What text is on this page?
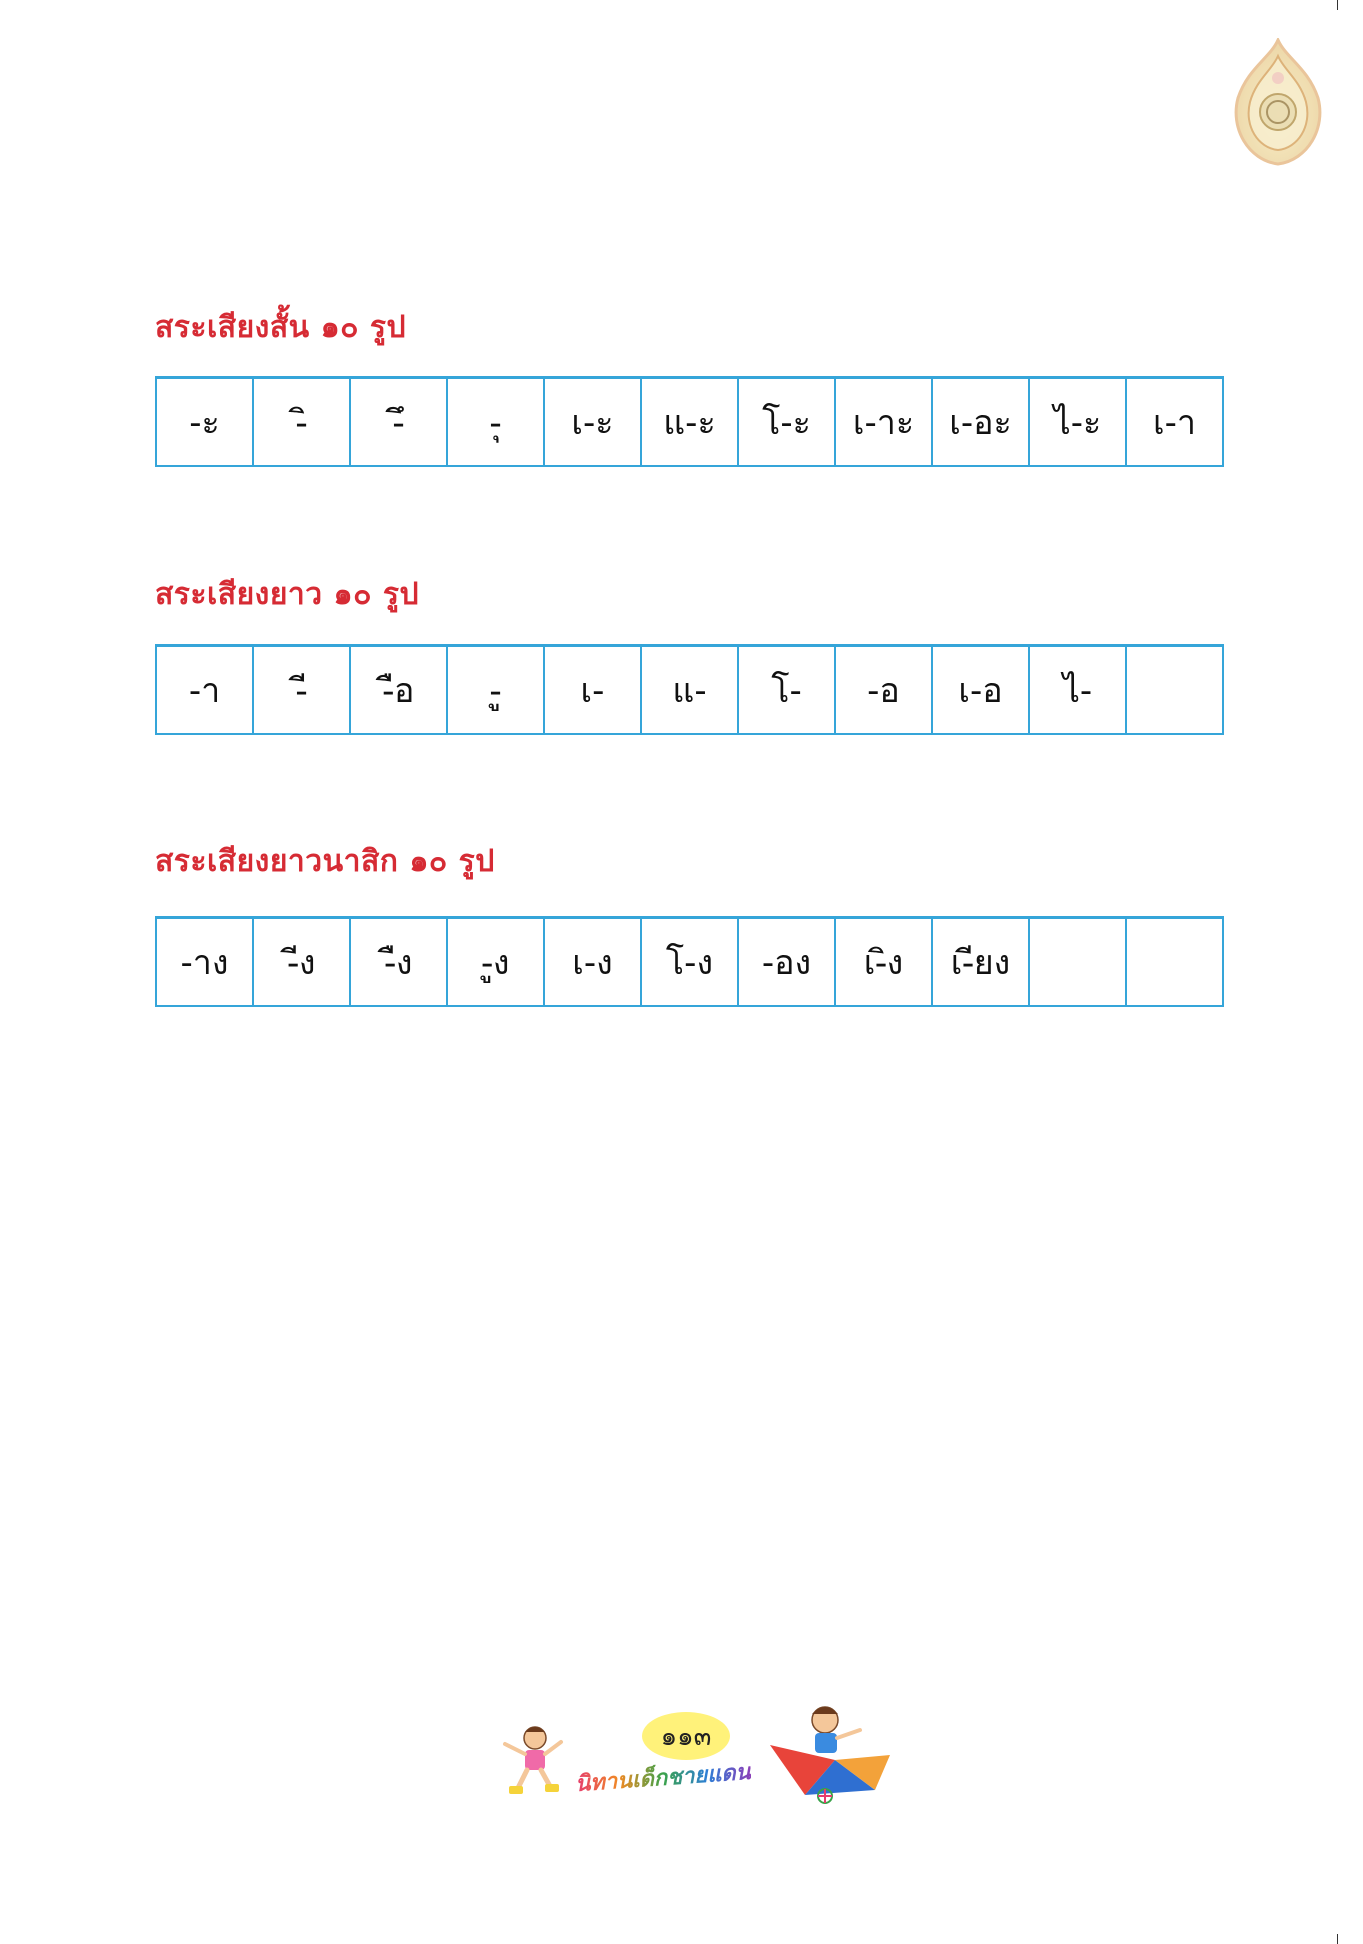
สระเสียงสั้น ๑๐ รูป
-ะ	-ิ	-ึ	-ุ	เ-ะ	แ-ะ	โ-ะ	เ-าะ	เ-อะ	ไ-ะ	เ-า
สระเสียงยาว ๑๐ รูป
-า	-ี	-ือ	-ู	เ-	แ-	โ-	-อ	เ-อ	ไ-	
สระเสียงยาวนาสิก ๑๐ รูป
-าง	-ีง	-ืง	-ูง	เ-ง	โ-ง	-อง	เ-ิง	เ-ียง		
๑๑๓

นิทานเด็กชายแดน
